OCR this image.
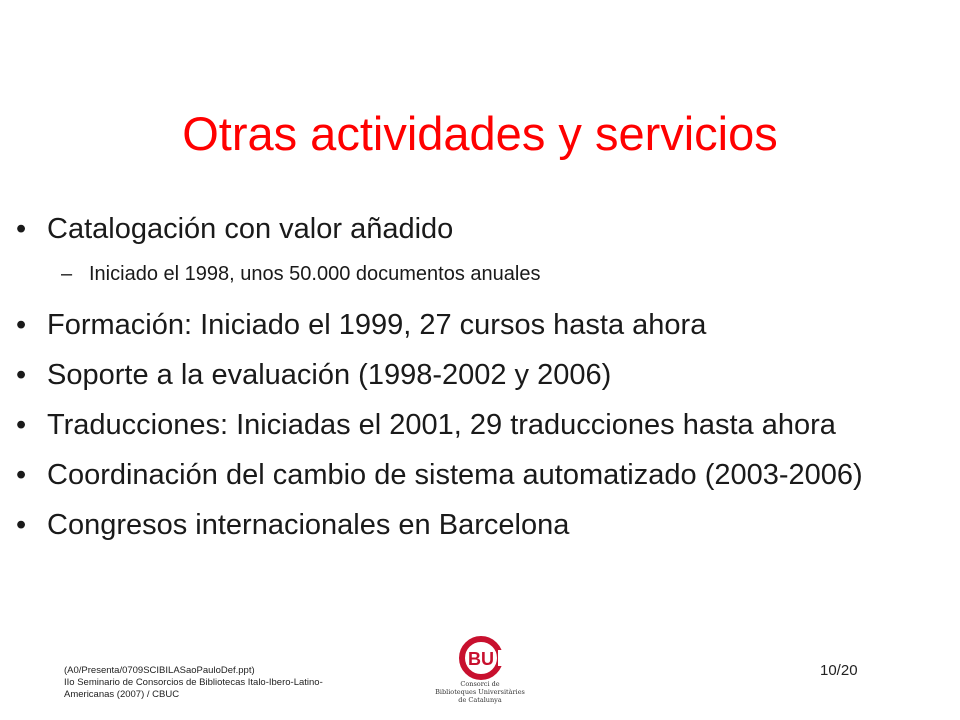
Otras actividades y servicios
• Catalogación con valor añadido
– Iniciado el 1998, unos 50.000 documentos anuales
• Formación: Iniciado el 1999, 27 cursos hasta ahora
• Soporte a la evaluación (1998-2002 y 2006)
• Traducciones: Iniciadas el 2001, 29 traducciones hasta ahora
• Coordinación del cambio de sistema automatizado (2003-2006)
• Congresos internacionales en Barcelona
(A0/Presenta/0709SCIBILASaoPauloDef.ppt)
IIo Seminario de Consorcios de Bibliotecas Italo-Ibero-Latino-
Americanas (2007) / CBUC
BU
Consorci de
Biblioteques Universitàries
de Catalunya
10/20
